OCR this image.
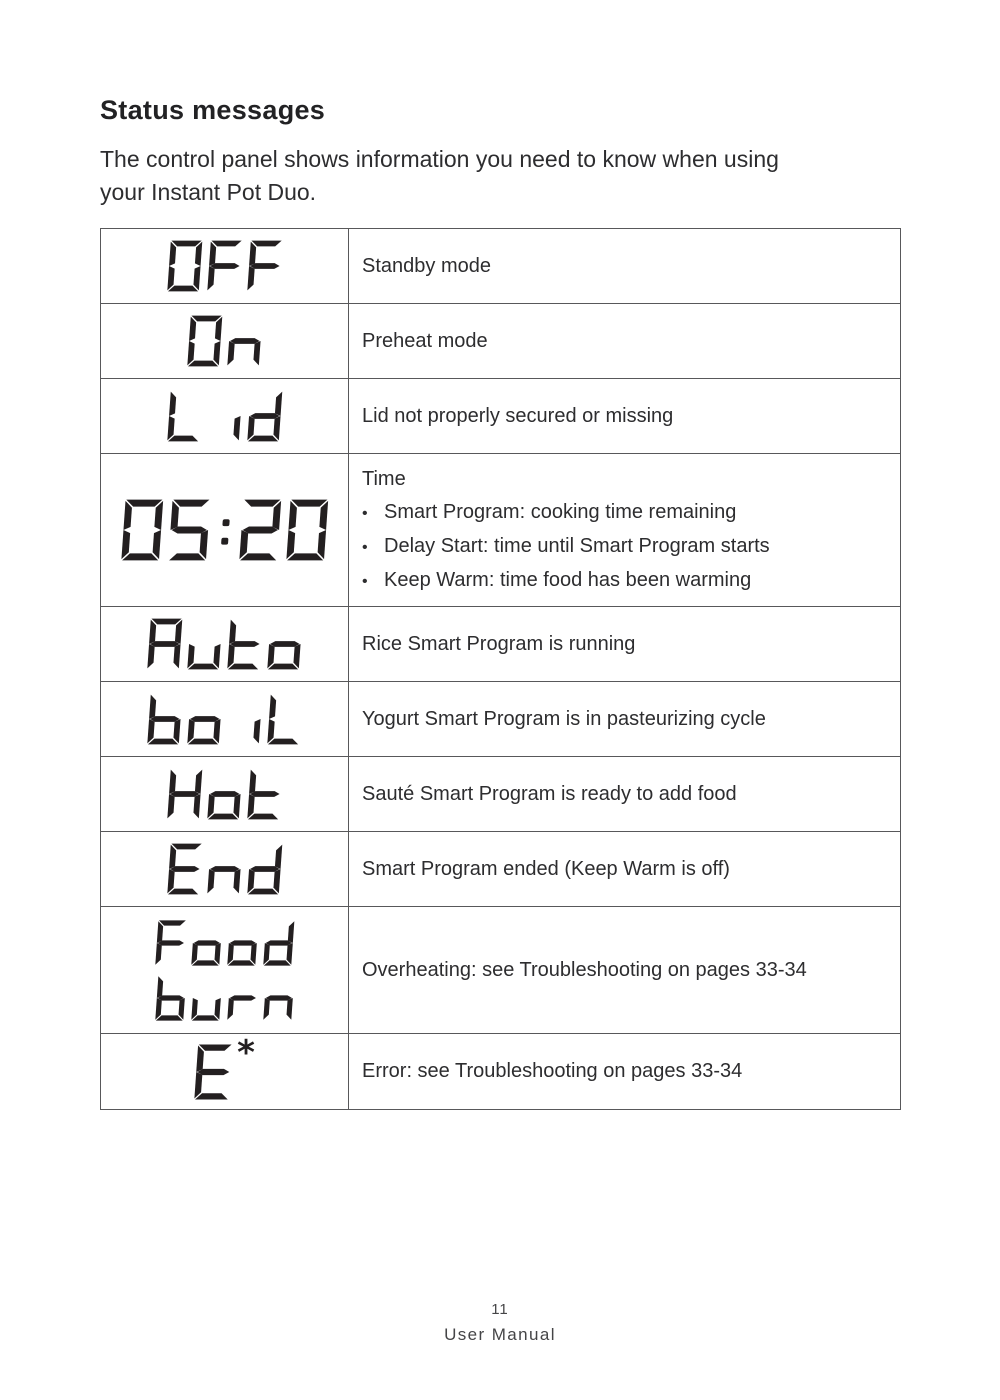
Status messages

The control panel shows information you need to know when using
your Instant Pot Duo.

Standby mode
Preheat mode
Lid not properly secured or missing
Time
• Smart Program: cooking time remaining
• Delay Start: time until Smart Program starts
• Keep Warm: time food has been warming
Rice Smart Program is running
Yogurt Smart Program is in pasteurizing cycle
Sauté Smart Program is ready to add food
Smart Program ended (Keep Warm is off)
Overheating: see Troubleshooting on pages 33-34
*	Error: see Troubleshooting on pages 33-34
11
User Manual
